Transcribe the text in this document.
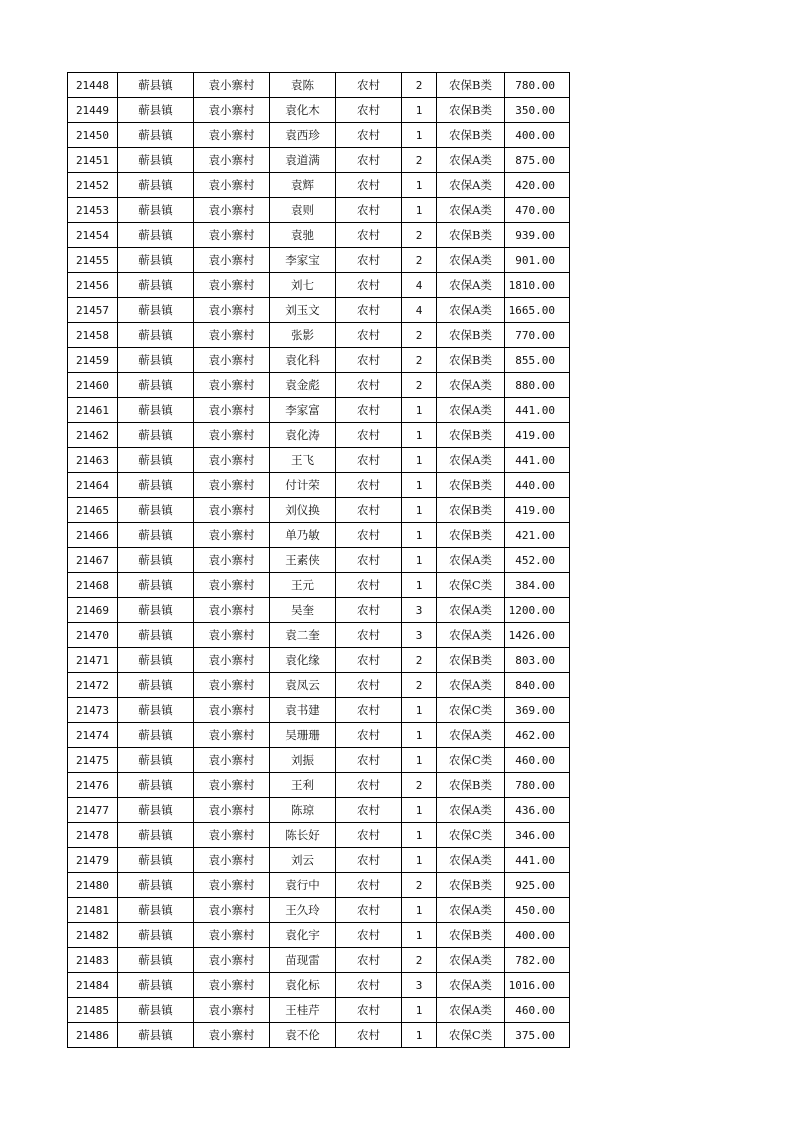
21448	蕲县镇	袁小寨村	袁陈	农村	2	农保B类	780.00
21449	蕲县镇	袁小寨村	袁化木	农村	1	农保B类	350.00
21450	蕲县镇	袁小寨村	袁西珍	农村	1	农保B类	400.00
21451	蕲县镇	袁小寨村	袁道满	农村	2	农保A类	875.00
21452	蕲县镇	袁小寨村	袁辉	农村	1	农保A类	420.00
21453	蕲县镇	袁小寨村	袁则	农村	1	农保A类	470.00
21454	蕲县镇	袁小寨村	袁驰	农村	2	农保B类	939.00
21455	蕲县镇	袁小寨村	李家宝	农村	2	农保A类	901.00
21456	蕲县镇	袁小寨村	刘七	农村	4	农保A类	1810.00
21457	蕲县镇	袁小寨村	刘玉文	农村	4	农保A类	1665.00
21458	蕲县镇	袁小寨村	张影	农村	2	农保B类	770.00
21459	蕲县镇	袁小寨村	袁化科	农村	2	农保B类	855.00
21460	蕲县镇	袁小寨村	袁金彪	农村	2	农保A类	880.00
21461	蕲县镇	袁小寨村	李家富	农村	1	农保A类	441.00
21462	蕲县镇	袁小寨村	袁化涛	农村	1	农保B类	419.00
21463	蕲县镇	袁小寨村	王飞	农村	1	农保A类	441.00
21464	蕲县镇	袁小寨村	付计荣	农村	1	农保B类	440.00
21465	蕲县镇	袁小寨村	刘仪换	农村	1	农保B类	419.00
21466	蕲县镇	袁小寨村	单乃敏	农村	1	农保B类	421.00
21467	蕲县镇	袁小寨村	王素侠	农村	1	农保A类	452.00
21468	蕲县镇	袁小寨村	王元	农村	1	农保C类	384.00
21469	蕲县镇	袁小寨村	吴奎	农村	3	农保A类	1200.00
21470	蕲县镇	袁小寨村	袁二奎	农村	3	农保A类	1426.00
21471	蕲县镇	袁小寨村	袁化缘	农村	2	农保B类	803.00
21472	蕲县镇	袁小寨村	袁凤云	农村	2	农保A类	840.00
21473	蕲县镇	袁小寨村	袁书建	农村	1	农保C类	369.00
21474	蕲县镇	袁小寨村	吴珊珊	农村	1	农保A类	462.00
21475	蕲县镇	袁小寨村	刘振	农村	1	农保C类	460.00
21476	蕲县镇	袁小寨村	王利	农村	2	农保B类	780.00
21477	蕲县镇	袁小寨村	陈琼	农村	1	农保A类	436.00
21478	蕲县镇	袁小寨村	陈长好	农村	1	农保C类	346.00
21479	蕲县镇	袁小寨村	刘云	农村	1	农保A类	441.00
21480	蕲县镇	袁小寨村	袁行中	农村	2	农保B类	925.00
21481	蕲县镇	袁小寨村	王久玲	农村	1	农保A类	450.00
21482	蕲县镇	袁小寨村	袁化宇	农村	1	农保B类	400.00
21483	蕲县镇	袁小寨村	苗现雷	农村	2	农保A类	782.00
21484	蕲县镇	袁小寨村	袁化标	农村	3	农保A类	1016.00
21485	蕲县镇	袁小寨村	王桂芹	农村	1	农保A类	460.00
21486	蕲县镇	袁小寨村	袁不伦	农村	1	农保C类	375.00
